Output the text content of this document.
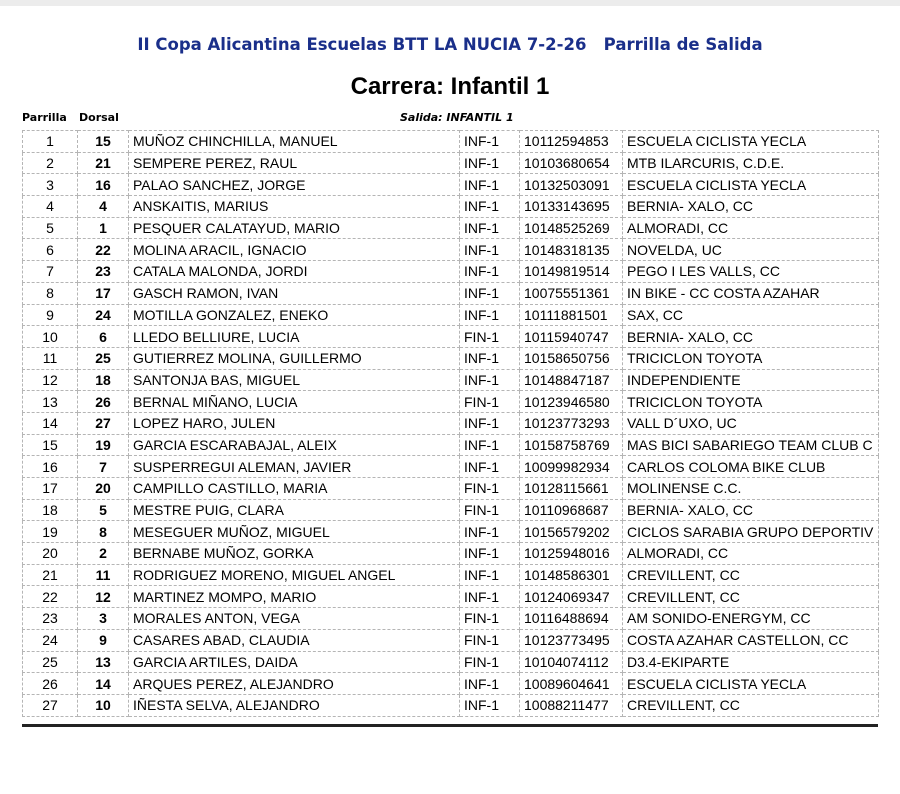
II Copa Alicantina Escuelas BTT LA NUCIA 7-2-26   Parrilla de Salida
Carrera: Infantil 1
Parrilla Dorsal	Salida: INFANTIL 1
1	15	MUÑOZ CHINCHILLA, MANUEL	INF-1	10112594853	ESCUELA CICLISTA YECLA
2	21	SEMPERE PEREZ, RAUL	INF-1	10103680654	MTB ILARCURIS, C.D.E.
3	16	PALAO SANCHEZ, JORGE	INF-1	10132503091	ESCUELA CICLISTA YECLA
4	4	ANSKAITIS, MARIUS	INF-1	10133143695	BERNIA- XALO, CC
5	1	PESQUER CALATAYUD, MARIO	INF-1	10148525269	ALMORADI, CC
6	22	MOLINA ARACIL, IGNACIO	INF-1	10148318135	NOVELDA, UC
7	23	CATALA MALONDA, JORDI	INF-1	10149819514	PEGO I LES VALLS, CC
8	17	GASCH RAMON, IVAN	INF-1	10075551361	IN BIKE - CC COSTA AZAHAR
9	24	MOTILLA GONZALEZ, ENEKO	INF-1	10111881501	SAX, CC
10	6	LLEDO BELLIURE, LUCIA	FIN-1	10115940747	BERNIA- XALO, CC
11	25	GUTIERREZ MOLINA, GUILLERMO	INF-1	10158650756	TRICICLON TOYOTA
12	18	SANTONJA BAS, MIGUEL	INF-1	10148847187	INDEPENDIENTE
13	26	BERNAL MIÑANO, LUCIA	FIN-1	10123946580	TRICICLON TOYOTA
14	27	LOPEZ HARO, JULEN	INF-1	10123773293	VALL D´UXO, UC
15	19	GARCIA ESCARABAJAL, ALEIX	INF-1	10158758769	MAS BICI SABARIEGO TEAM CLUB C
16	7	SUSPERREGUI ALEMAN, JAVIER	INF-1	10099982934	CARLOS COLOMA BIKE CLUB
17	20	CAMPILLO CASTILLO, MARIA	FIN-1	10128115661	MOLINENSE C.C.
18	5	MESTRE PUIG, CLARA	FIN-1	10110968687	BERNIA- XALO, CC
19	8	MESEGUER MUÑOZ, MIGUEL	INF-1	10156579202	CICLOS SARABIA GRUPO DEPORTIV
20	2	BERNABE MUÑOZ, GORKA	INF-1	10125948016	ALMORADI, CC
21	11	RODRIGUEZ MORENO, MIGUEL ANGEL	INF-1	10148586301	CREVILLENT, CC
22	12	MARTINEZ MOMPO, MARIO	INF-1	10124069347	CREVILLENT, CC
23	3	MORALES ANTON, VEGA	FIN-1	10116488694	AM SONIDO-ENERGYM, CC
24	9	CASARES ABAD, CLAUDIA	FIN-1	10123773495	COSTA AZAHAR CASTELLON, CC
25	13	GARCIA ARTILES, DAIDA	FIN-1	10104074112	D3.4-EKIPARTE
26	14	ARQUES PEREZ, ALEJANDRO	INF-1	10089604641	ESCUELA CICLISTA YECLA
27	10	IÑESTA SELVA, ALEJANDRO	INF-1	10088211477	CREVILLENT, CC
